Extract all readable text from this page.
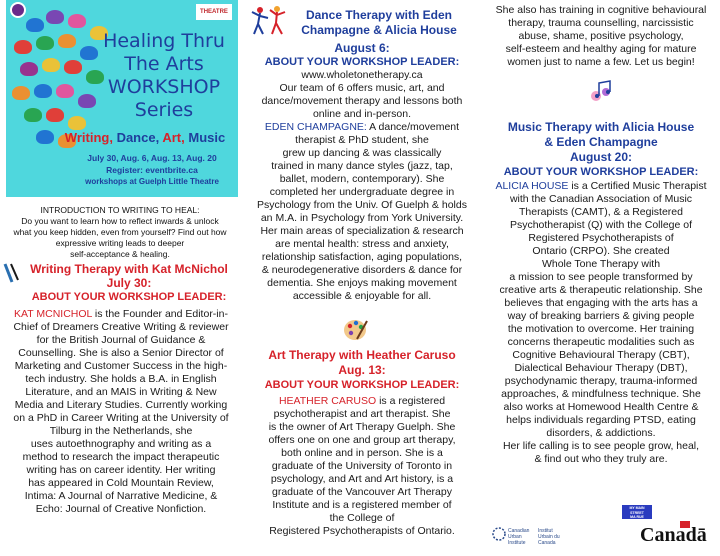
THEATRE
Healing Thru
The Arts
WORKSHOP
Series
Writing, Dance, Art, Music
July 30, Aug. 6, Aug. 13, Aug. 20
Register: eventbrite.ca
workshops at Guelph Little Theatre
INTRODUCTION TO WRITING TO HEAL:
Do you want to learn how to reflect inwards & unlock
what you keep hidden, even from yourself? Find out how
expressive writing leads to deeper
self-acceptance & healing.
Writing Therapy with Kat McNichol
July 30:
ABOUT YOUR WORKSHOP LEADER:
KAT MCNICHOL is the Founder and Editor-in-
Chief of Dreamers Creative Writing & reviewer
for the British Journal of Guidance &
Counselling. She is also a Senior Director of
Marketing and Customer Success in the high-
tech industry. She holds a B.A. in English
Literature, and an MAIS in Writing & New
Media and Literary Studies. Currently working
on a PhD in Career Writing at the University of
Tilburg in the Netherlands, she
uses autoethnography and writing as a
method to research the impact therapeutic
writing has on career identity. Her writing
has appeared in Cold Mountain Review,
Intima: A Journal of Narrative Medicine, &
Echo: Journal of Creative Nonfiction.
Dance Therapy with Eden
Champagne & Alicia House
August 6:
ABOUT YOUR WORKSHOP LEADER:
www.wholetonetherapy.ca
Our team of 6 offers music, art, and
dance/movement therapy and lessons both
online and in-person.
EDEN CHAMPAGNE: A dance/movement
therapist & PhD student, she
grew up dancing & was classically
trained in many dance styles (jazz, tap,
ballet, modern, contemporary). She
completed her undergraduate degree in
Psychology from the Univ. Of Guelph & holds
an M.A. in Psychology from York University.
Her main areas of specialization & research
are mental health: stress and anxiety,
relationship satisfaction, aging populations,
& neurodegenerative disorders & dance for
dementia. She enjoys making movement
accessible & enjoyable for all.
Art Therapy with Heather Caruso
Aug. 13:
ABOUT YOUR WORKSHOP LEADER:
HEATHER CARUSO is a registered
psychotherapist and art therapist. She
is the owner of Art Therapy Guelph. She
offers one on one and group art therapy,
both online and in person. She is a
graduate of the University of Toronto in
psychology, and Art and Art history, is a
graduate of the Vancouver Art Therapy
Institute and is a registered member of
the College of
Registered Psychotherapists of Ontario.
She also has training in cognitive behavioural
therapy, trauma counselling, narcissistic
abuse, shame, positive psychology,
self-esteem and healthy aging for mature
women just to name a few. Let us begin!
Music Therapy with Alicia House
& Eden Champagne
August 20:
ABOUT YOUR WORKSHOP LEADER:
ALICIA HOUSE is a Certified Music Therapist
with the Canadian Association of Music
Therapists (CAMT), & a Registered
Psychotherapist (Q) with the College of
Registered Psychotherapists of
Ontario (CRPO). She created
Whole Tone Therapy with
a mission to see people transformed by
creative arts & therapeutic relationship. She
believes that engaging with the arts has a
way of breaking barriers & giving people
the motivation to overcome. Her training
concerns therapeutic modalities such as
Cognitive Behavioural Therapy (CBT),
Dialectical Behaviour Therapy (DBT),
psychodynamic therapy, trauma-informed
approaches, & mindfulness technique. She
also works at Homewood Health Centre &
helps individuals regarding PTSD, eating
disorders, & addictions.
Her life calling is to see people grow, heal,
& find out who they truly are.
MY MAIN STREET
MA RUE PRINCIPALE
Canadian
Urban
Institute
Institut
Urbain du
Canada	Canadā
